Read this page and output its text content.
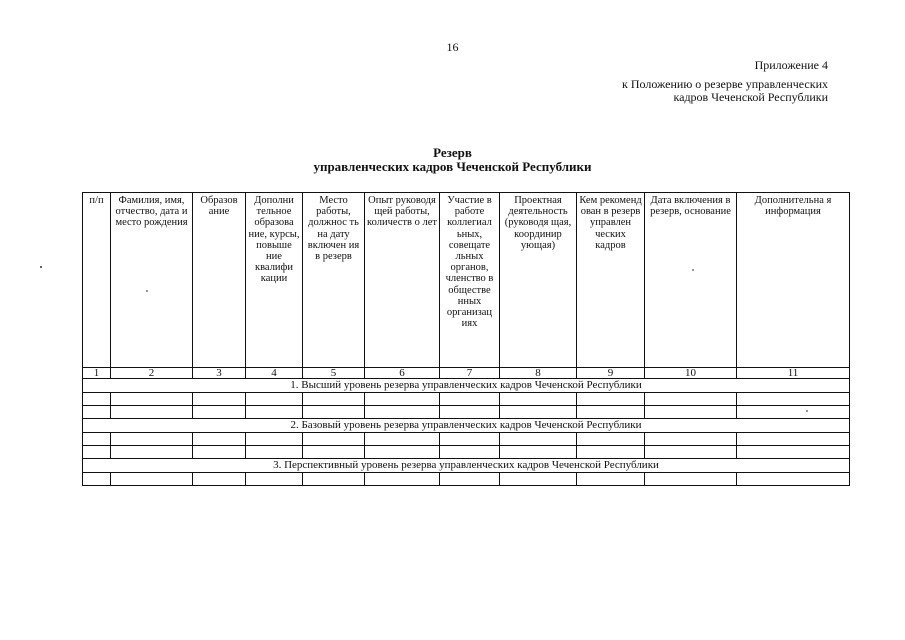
16
Приложение 4
к Положению о резерве управленческих
кадров Чеченской Республики
Резерв
управленческих кадров Чеченской Республики
п/п	Фамилия, имя, отчество, дата и место рождения	Образов ание	Дополни тельное образова ние, курсы, повыше ние квалифи кации	Место работы, должнос ть на дату включен ия в резерв	Опыт руководя щей работы, количеств о лет	Участие в работе коллегиал ьных, совещате льных органов, членство в обществе нных организац иях	Проектная деятельность (руководя щая, координир ующая)	Кем рекоменд ован в резерв управлен ческих кадров	Дата включения в резерв, основание	Дополнительна я информация
1	2	3	4	5	6	7	8	9	10	11
1. Высший уровень резерва управленческих кадров Чеченской Республики										

2. Базовый уровень резерва управленческих кадров Чеченской Республики										

3. Перспективный уровень резерва управленческих кадров Чеченской Республики										
